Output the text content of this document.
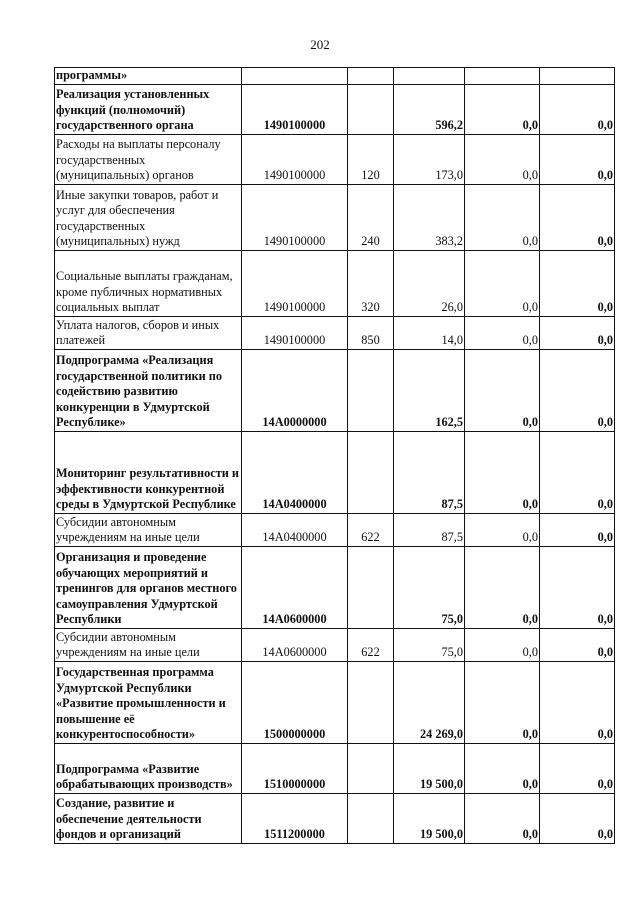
202
программы»					
Реализация установленных функций (полномочий) государственного органа	1490100000		596,2	0,0	0,0
Расходы на выплаты персоналу государственных (муниципальных) органов	1490100000	120	173,0	0,0	0,0
Иные закупки товаров, работ и услуг для обеспечения государственных (муниципальных) нужд	1490100000	240	383,2	0,0	0,0
Социальные выплаты гражданам, кроме публичных нормативных социальных выплат	1490100000	320	26,0	0,0	0,0
Уплата налогов, сборов и иных платежей	1490100000	850	14,0	0,0	0,0
Подпрограмма «Реализация государственной политики по содействию развитию конкуренции в Удмуртской Республике»	14А0000000		162,5	0,0	0,0
Мониторинг результативности и эффективности конкурентной среды в Удмуртской Республике	14А0400000		87,5	0,0	0,0
Субсидии автономным учреждениям на иные цели	14А0400000	622	87,5	0,0	0,0
Организация и проведение обучающих мероприятий и тренингов для органов местного самоуправления Удмуртской Республики	14А0600000		75,0	0,0	0,0
Субсидии автономным учреждениям на иные цели	14А0600000	622	75,0	0,0	0,0
Государственная программа Удмуртской Республики «Развитие промышленности и повышение её конкурентоспособности»	1500000000		24 269,0	0,0	0,0
Подпрограмма «Развитие обрабатывающих производств»	1510000000		19 500,0	0,0	0,0
Создание, развитие и обеспечение деятельности фондов и организаций	1511200000		19 500,0	0,0	0,0
